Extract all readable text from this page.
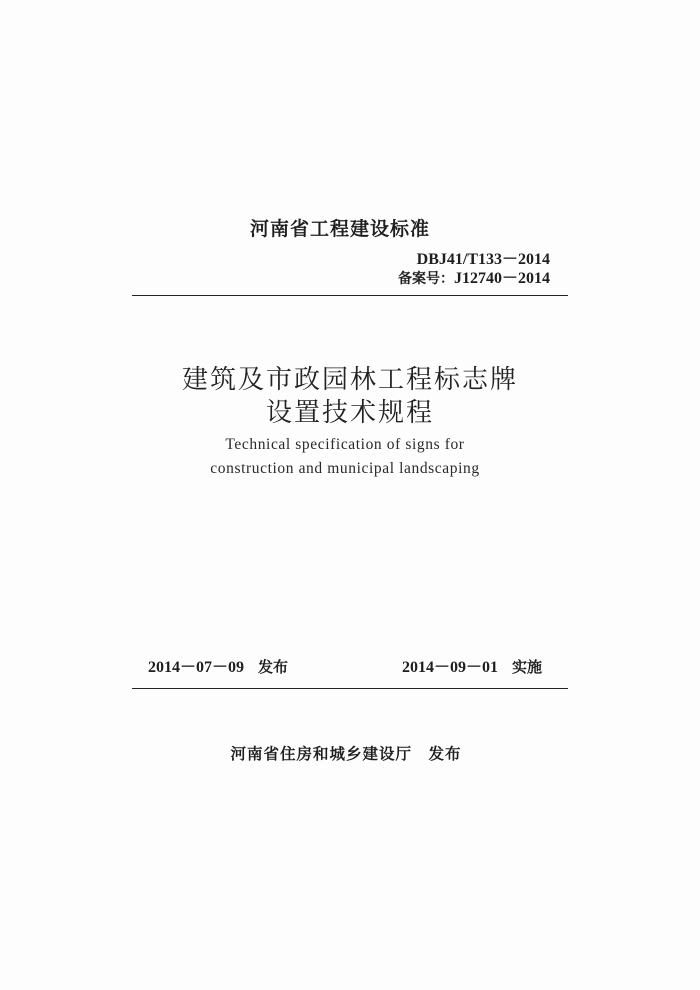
河南省工程建设标准
DBJ41/T133－2014
备案号：J12740－2014
建筑及市政园林工程标志牌
设置技术规程
Technical specification of signs for
construction and municipal landscaping
2014－07－09 发布	2014－09－01 实施
河南省住房和城乡建设厅　发布
